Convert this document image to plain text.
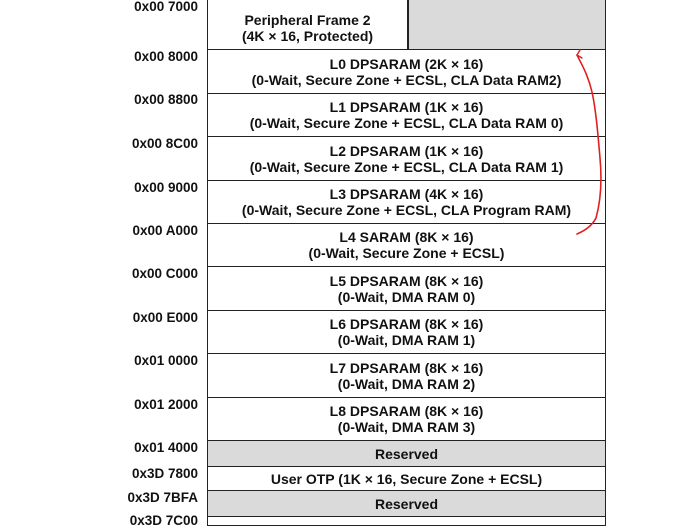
0x00 7000
0x00 8000
0x00 8800
0x00 8C00
0x00 9000
0x00 A000
0x00 C000
0x00 E000
0x01 0000
0x01 2000
0x01 4000
0x3D 7800
0x3D 7BFA
0x3D 7C00
Peripheral Frame 2
(4K × 16, Protected)
L0 DPSARAM (2K × 16)
(0-Wait, Secure Zone + ECSL, CLA Data RAM2)
L1 DPSARAM (1K × 16)
(0-Wait, Secure Zone + ECSL, CLA Data RAM 0)
L2 DPSARAM (1K × 16)
(0-Wait, Secure Zone + ECSL, CLA Data RAM 1)
L3 DPSARAM (4K × 16)
(0-Wait, Secure Zone + ECSL, CLA Program RAM)
L4 SARAM (8K × 16)
(0-Wait, Secure Zone + ECSL)
L5 DPSARAM (8K × 16)
(0-Wait, DMA RAM 0)
L6 DPSARAM (8K × 16)
(0-Wait, DMA RAM 1)
L7 DPSARAM (8K × 16)
(0-Wait, DMA RAM 2)
L8 DPSARAM (8K × 16)
(0-Wait, DMA RAM 3)
Reserved
User OTP (1K × 16, Secure Zone + ECSL)
Reserved
